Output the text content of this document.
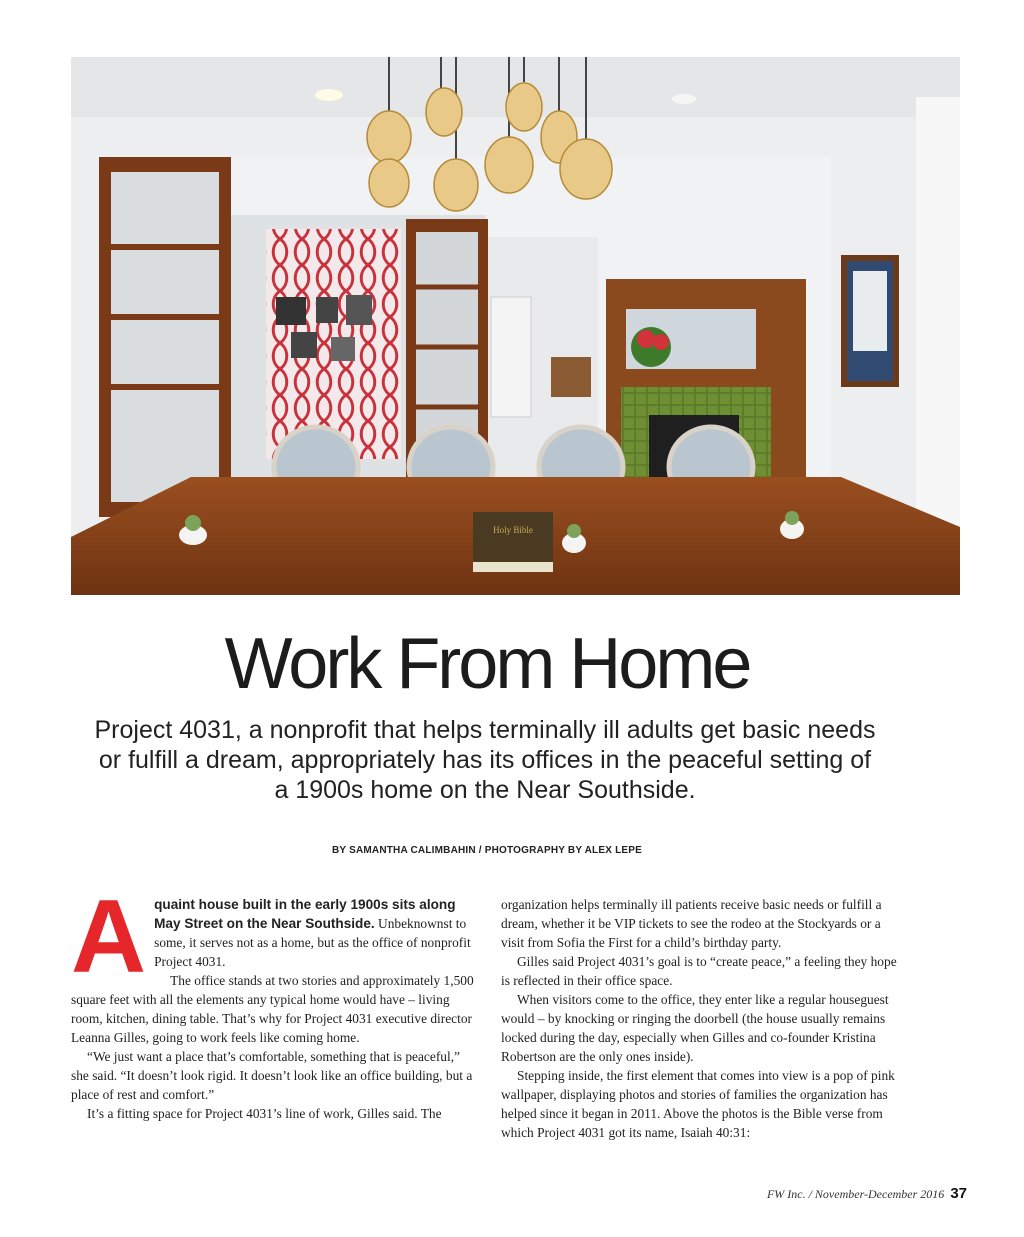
Holy Bible
Work From Home

Project 4031, a nonprofit that helps terminally ill adults get basic needs or fulfill a dream, appropriately has its offices in the peaceful setting of a 1900s home on the Near Southside.

BY SAMANTHA CALIMBAHIN / PHOTOGRAPHY BY ALEX LEPE

A quaint house built in the early 1900s sits along May Street on the Near Southside. Unbeknownst to some, it serves not as a home, but as the office of nonprofit Project 4031.

The office stands at two stories and approximately 1,500 square feet with all the elements any typical home would have – living room, kitchen, dining table. That’s why for Project 4031 executive director Leanna Gilles, going to work feels like coming home.

“We just want a place that’s comfortable, something that is peaceful,” she said. “It doesn’t look rigid. It doesn’t look like an office building, but a place of rest and comfort.”

It’s a fitting space for Project 4031’s line of work, Gilles said. The

organization helps terminally ill patients receive basic needs or fulfill a dream, whether it be VIP tickets to see the rodeo at the Stockyards or a visit from Sofia the First for a child’s birthday party.

Gilles said Project 4031’s goal is to “create peace,” a feeling they hope is reflected in their office space.

When visitors come to the office, they enter like a regular houseguest would – by knocking or ringing the doorbell (the house usually remains locked during the day, especially when Gilles and co-founder Kristina Robertson are the only ones inside).

Stepping inside, the first element that comes into view is a pop of pink wallpaper, displaying photos and stories of families the organization has helped since it began in 2011. Above the photos is the Bible verse from which Project 4031 got its name, Isaiah 40:31:

FW Inc. / November-December 2016 37
